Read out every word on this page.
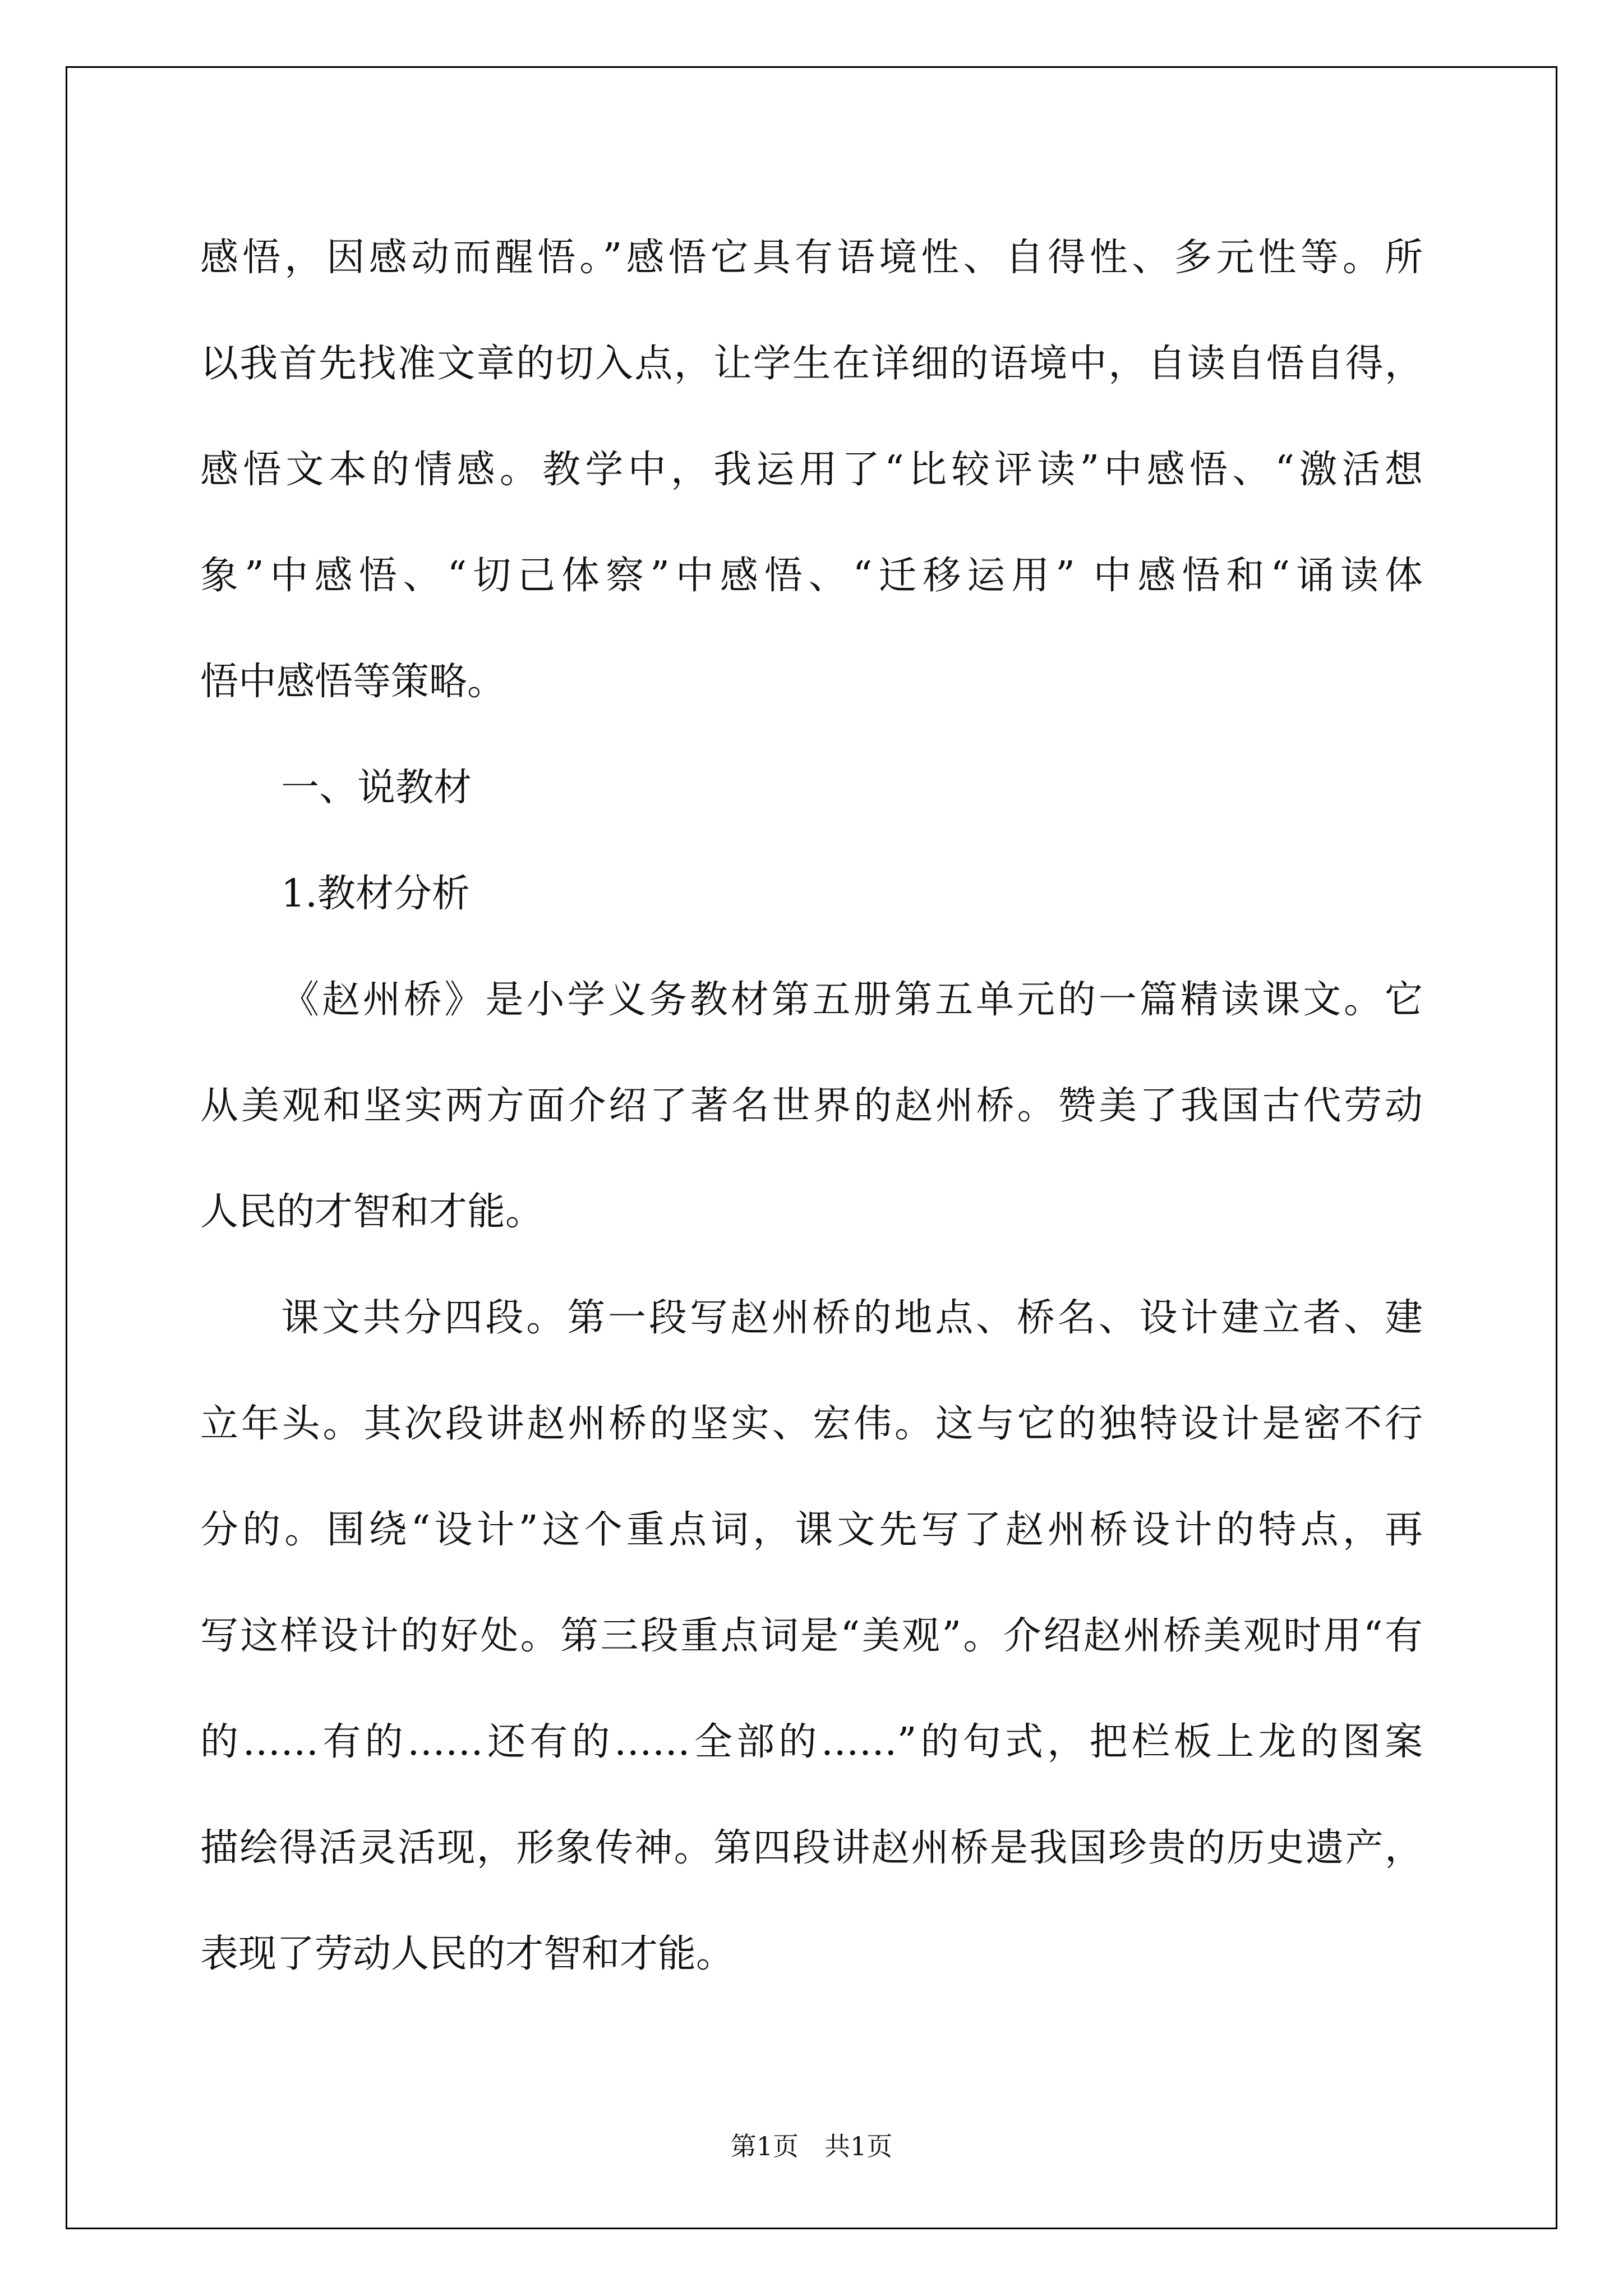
感悟，因感动而醒悟。”感悟它具有语境性、自得性、多元性等。所
以我首先找准文章的切入点，让学生在详细的语境中，自读自悟自得，
感悟文本的情感。教学中，我运用了“比较评读”中感悟、“激活想
象”中感悟、“切己体察”中感悟、“迁移运用” 中感悟和“诵读体
悟中感悟等策略。
一、说教材
1.教材分析
《赵州桥》是小学义务教材第五册第五单元的一篇精读课文。它
从美观和坚实两方面介绍了著名世界的赵州桥。赞美了我国古代劳动
人民的才智和才能。
课文共分四段。第一段写赵州桥的地点、桥名、设计建立者、建
立年头。其次段讲赵州桥的坚实、宏伟。这与它的独特设计是密不行
分的。围绕“设计”这个重点词，课文先写了赵州桥设计的特点，再
写这样设计的好处。第三段重点词是“美观”。介绍赵州桥美观时用“有
的……有的……还有的……全部的……”的句式，把栏板上龙的图案
描绘得活灵活现，形象传神。第四段讲赵州桥是我国珍贵的历史遗产，
表现了劳动人民的才智和才能。
第1页　共1页
